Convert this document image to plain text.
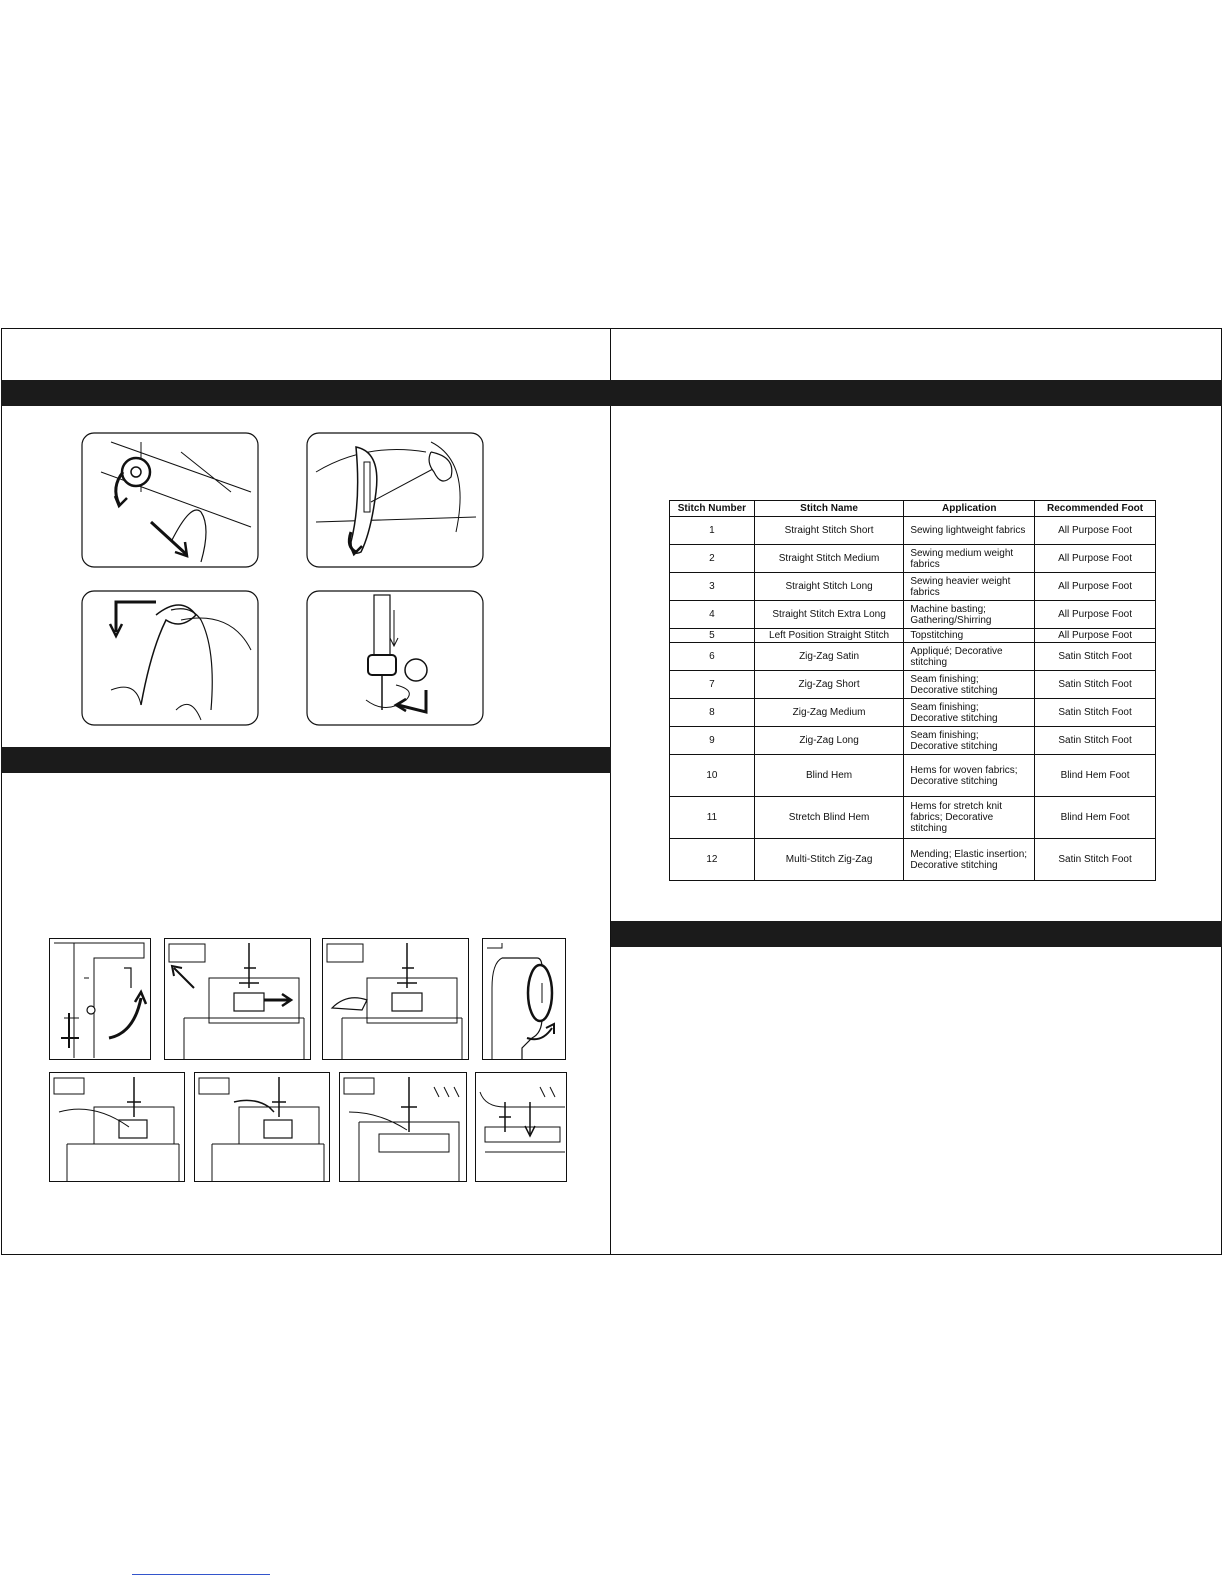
Stitch Number	Stitch Name	Application	Recommended Foot
1	Straight Stitch Short	Sewing lightweight fabrics	All Purpose Foot
2	Straight Stitch Medium	Sewing medium weight fabrics	All Purpose Foot
3	Straight Stitch Long	Sewing heavier weight fabrics	All Purpose Foot
4	Straight Stitch Extra Long	Machine basting; Gathering/Shirring	All Purpose Foot
5	Left Position Straight Stitch	Topstitching	All Purpose Foot
6	Zig-Zag Satin	Appliqué; Decorative stitching	Satin Stitch Foot
7	Zig-Zag Short	Seam finishing; Decorative stitching	Satin Stitch Foot
8	Zig-Zag Medium	Seam finishing; Decorative stitching	Satin Stitch Foot
9	Zig-Zag Long	Seam finishing; Decorative stitching	Satin Stitch Foot
10	Blind Hem	Hems for woven fabrics; Decorative stitching	Blind Hem Foot
11	Stretch Blind Hem	Hems for stretch knit fabrics; Decorative stitching	Blind Hem Foot
12	Multi-Stitch Zig-Zag	Mending; Elastic insertion; Decorative stitching	Satin Stitch Foot
